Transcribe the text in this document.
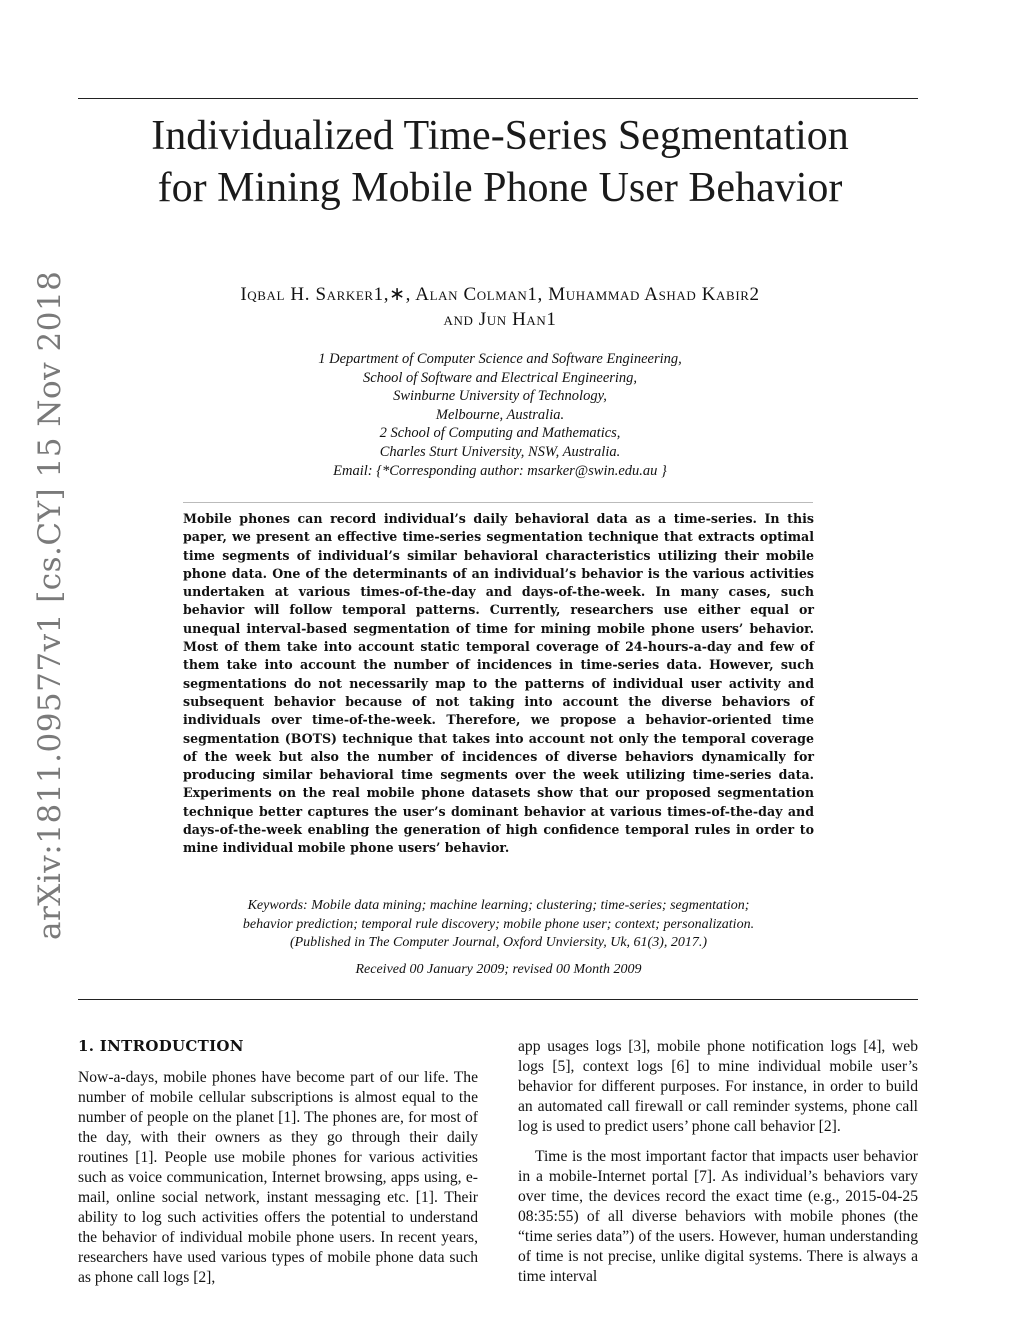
arXiv:1811.09577v1 [cs.CY] 15 Nov 2018
Individualized Time-Series Segmentation for Mining Mobile Phone User Behavior
Iqbal H. Sarker1,∗, Alan Colman1, Muhammad Ashad Kabir2
and Jun Han1
1 Department of Computer Science and Software Engineering,
School of Software and Electrical Engineering,
Swinburne University of Technology,
Melbourne, Australia.
2 School of Computing and Mathematics,
Charles Sturt University, NSW, Australia.
Email: {*Corresponding author: msarker@swin.edu.au }

Mobile phones can record individual’s daily behavioral data as a time-series. In this paper, we present an effective time-series segmentation technique that extracts optimal time segments of individual’s similar behavioral characteristics utilizing their mobile phone data. One of the determinants of an individual’s behavior is the various activities undertaken at various times-of-the-day and days-of-the-week. In many cases, such behavior will follow temporal patterns. Currently, researchers use either equal or unequal interval-based segmentation of time for mining mobile phone users’ behavior. Most of them take into account static temporal coverage of 24-hours-a-day and few of them take into account the number of incidences in time-series data. However, such segmentations do not necessarily map to the patterns of individual user activity and subsequent behavior because of not taking into account the diverse behaviors of individuals over time-of-the-week. Therefore, we propose a behavior-oriented time segmentation (BOTS) technique that takes into account not only the temporal coverage of the week but also the number of incidences of diverse behaviors dynamically for producing similar behavioral time segments over the week utilizing time-series data. Experiments on the real mobile phone datasets show that our proposed segmentation technique better captures the user’s dominant behavior at various times-of-the-day and days-of-the-week enabling the generation of high confidence temporal rules in order to mine individual mobile phone users’ behavior.

Keywords: Mobile data mining; machine learning; clustering; time-series; segmentation;
behavior prediction; temporal rule discovery; mobile phone user; context; personalization.
(Published in The Computer Journal, Oxford Unviersity, Uk, 61(3), 2017.)
Received 00 January 2009; revised 00 Month 2009
1. INTRODUCTION

Now-a-days, mobile phones have become part of our life. The number of mobile cellular subscriptions is almost equal to the number of people on the planet [1]. The phones are, for most of the day, with their owners as they go through their daily routines [1]. People use mobile phones for various activities such as voice communication, Internet browsing, apps using, e-mail, online social network, instant messaging etc. [1]. Their ability to log such activities offers the potential to understand the behavior of individual mobile phone users. In recent years, researchers have used various types of mobile phone data such as phone call logs [2],

app usages logs [3], mobile phone notification logs [4], web logs [5], context logs [6] to mine individual mobile user’s behavior for different purposes. For instance, in order to build an automated call firewall or call reminder systems, phone call log is used to predict users’ phone call behavior [2].

Time is the most important factor that impacts user behavior in a mobile-Internet portal [7]. As individual’s behaviors vary over time, the devices record the exact time (e.g., 2015-04-25 08:35:55) of all diverse behaviors with mobile phones (the “time series data”) of the users. However, human understanding of time is not precise, unlike digital systems. There is always a time interval
